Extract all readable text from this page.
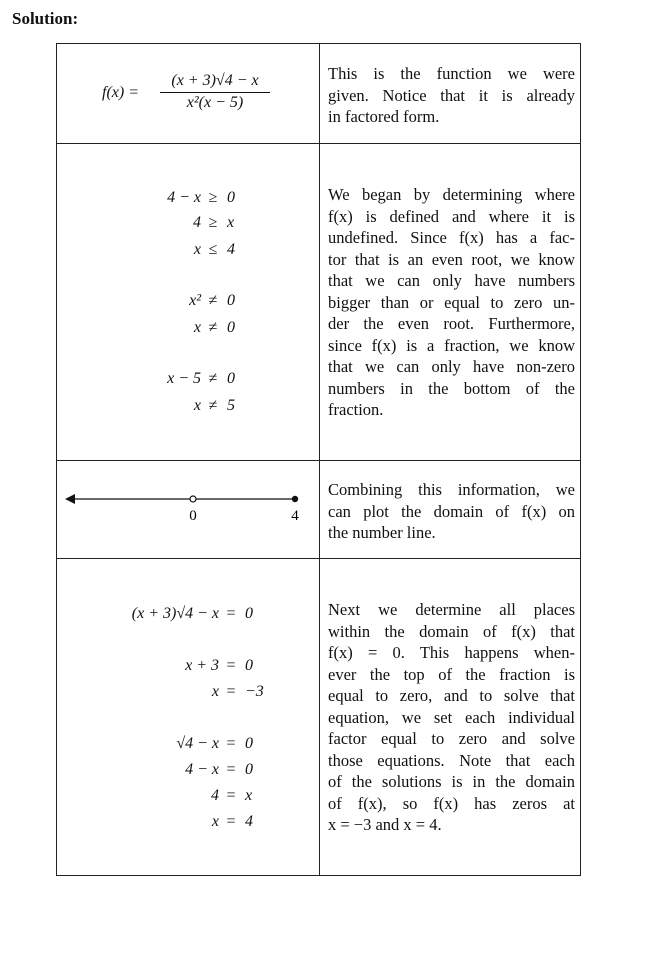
Solution:
$f(x) = \frac{(x + 3)√4 - x}{\text{x²(x − 5)}}$	This is the function we were
given. Notice that it is already
in factored form.
4 − x ≥ 0
4 ≥ x
x ≤ 4
x² ≠ 0
x ≠ 0
x − 5 ≠ 0
x ≠ 5
We began by determining where
f(x) is defined and where it is
undefined. Since f(x) has a fac-
tor that is an even root, we know
that we can only have numbers
bigger than or equal to zero un-
der the even root. Furthermore,
since f(x) is a fraction, we know
that we can only have non-zero
numbers in the bottom of the
fraction.
0	4
Combining this information, we
can plot the domain of f(x) on
the number line.
(x + 3)√4 − x = 0
x + 3 = 0
x = −3
√4 − x = 0
4 − x = 0
4 = x
x = 4
Next we determine all places
within the domain of f(x) that
f(x) = 0. This happens when-
ever the top of the fraction is
equal to zero, and to solve that
equation, we set each individual
factor equal to zero and solve
those equations. Note that each
of the solutions is in the domain
of f(x), so f(x) has zeros at
x = −3 and x = 4.
